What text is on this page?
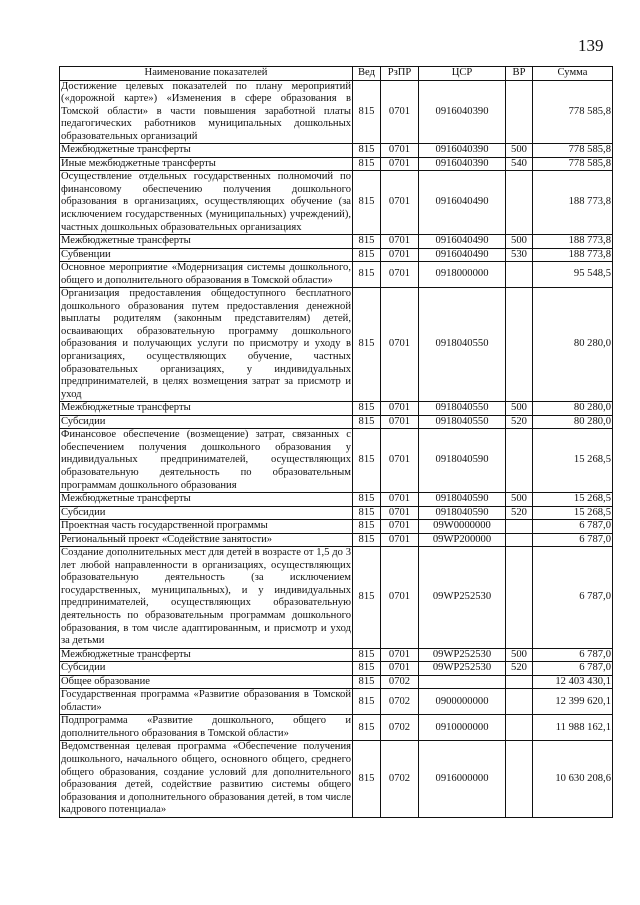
139
Наименование показателей	Вед	РзПР	ЦСР	ВР	Сумма
Достижение целевых показателей по плану мероприятий («дорожной карте») «Изменения в сфере образования в Томской области» в части повышения заработной платы педагогических работников муниципальных дошкольных образовательных организаций	815	0701	0916040390		778 585,8
Межбюджетные трансферты	815	0701	0916040390	500	778 585,8
Иные межбюджетные трансферты	815	0701	0916040390	540	778 585,8
Осуществление отдельных государственных полномочий по финансовому обеспечению получения дошкольного образования в организациях, осуществляющих обучение (за исключением государственных (муниципальных) учреждений), частных дошкольных образовательных организациях	815	0701	0916040490		188 773,8
Межбюджетные трансферты	815	0701	0916040490	500	188 773,8
Субвенции	815	0701	0916040490	530	188 773,8
Основное мероприятие «Модернизация системы дошкольного, общего и дополнительного образования в Томской области»	815	0701	0918000000		95 548,5
Организация предоставления общедоступного бесплатного дошкольного образования путем предоставления денежной выплаты родителям (законным представителям) детей, осваивающих образовательную программу дошкольного образования и получающих услуги по присмотру и уходу в организациях, осуществляющих обучение, частных образовательных организациях, у индивидуальных предпринимателей, в целях возмещения затрат за присмотр и уход	815	0701	0918040550		80 280,0
Межбюджетные трансферты	815	0701	0918040550	500	80 280,0
Субсидии	815	0701	0918040550	520	80 280,0
Финансовое обеспечение (возмещение) затрат, связанных с обеспечением получения дошкольного образования у индивидуальных предпринимателей, осуществляющих образовательную деятельность по образовательным программам дошкольного образования	815	0701	0918040590		15 268,5
Межбюджетные трансферты	815	0701	0918040590	500	15 268,5
Субсидии	815	0701	0918040590	520	15 268,5
Проектная часть государственной программы	815	0701	09W0000000		6 787,0
Региональный проект «Содействие занятости»	815	0701	09WP200000		6 787,0
Создание дополнительных мест для детей в возрасте от 1,5 до 3 лет любой направленности в организациях, осуществляющих образовательную деятельность (за исключением государственных, муниципальных), и у индивидуальных предпринимателей, осуществляющих образовательную деятельность по образовательным программам дошкольного образования, в том числе адаптированным, и присмотр и уход за детьми	815	0701	09WP252530		6 787,0
Межбюджетные трансферты	815	0701	09WP252530	500	6 787,0
Субсидии	815	0701	09WP252530	520	6 787,0
Общее образование	815	0702			12 403 430,1
Государственная программа «Развитие образования в Томской области»	815	0702	0900000000		12 399 620,1
Подпрограмма «Развитие дошкольного, общего и дополнительного образования в Томской области»	815	0702	0910000000		11 988 162,1
Ведомственная целевая программа «Обеспечение получения дошкольного, начального общего, основного общего, среднего общего образования, создание условий для дополнительного образования детей, содействие развитию системы общего образования и дополнительного образования детей, в том числе кадрового потенциала»	815	0702	0916000000		10 630 208,6
